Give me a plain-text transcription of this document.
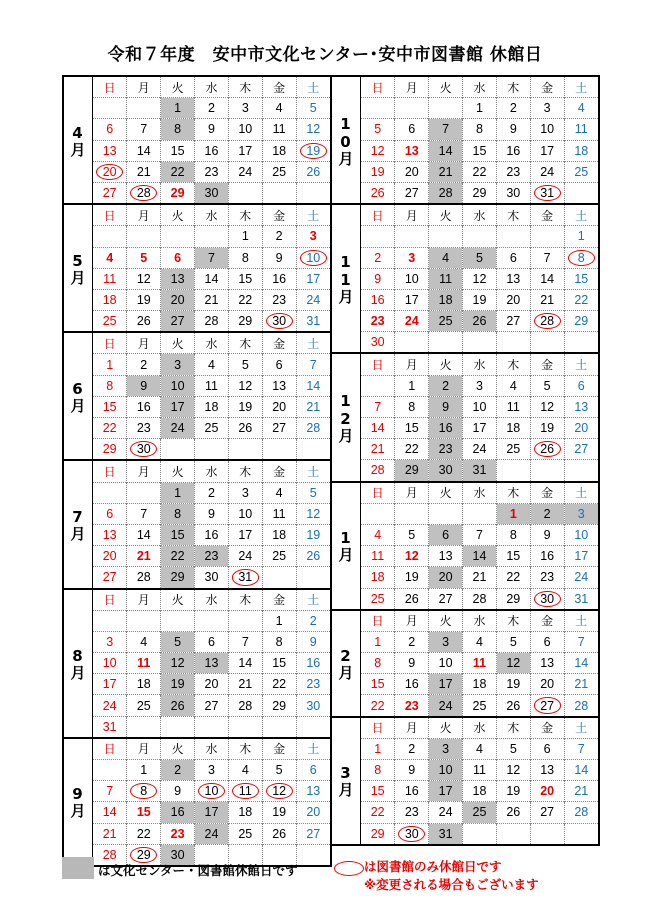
令和７年度　安中市文化センター･安中市図書館 休館日
4月
日	月	火	水	木	金	土
		1	2	3	4	5
6	7	8	9	10	11	12
13	14	15	16	17	18	19
20	21	22	23	24	25	26
27	28	29	30			
5月
日	月	火	水	木	金	土
				1	2	3
4	5	6	7	8	9	10
11	12	13	14	15	16	17
18	19	20	21	22	23	24
25	26	27	28	29	30	31
6月
日	月	火	水	木	金	土
1	2	3	4	5	6	7
8	9	10	11	12	13	14
15	16	17	18	19	20	21
22	23	24	25	26	27	28
29	30					
7月
日	月	火	水	木	金	土
		1	2	3	4	5
6	7	8	9	10	11	12
13	14	15	16	17	18	19
20	21	22	23	24	25	26
27	28	29	30	31		
8月
日	月	火	水	木	金	土
					1	2
3	4	5	6	7	8	9
10	11	12	13	14	15	16
17	18	19	20	21	22	23
24	25	26	27	28	29	30
31						
9月
日	月	火	水	木	金	土
	1	2	3	4	5	6
7	8	9	10	11	12	13
14	15	16	17	18	19	20
21	22	23	24	25	26	27
28	29	30				
10月
日	月	火	水	木	金	土
			1	2	3	4
5	6	7	8	9	10	11
12	13	14	15	16	17	18
19	20	21	22	23	24	25
26	27	28	29	30	31	
11月
日	月	火	水	木	金	土
						1
2	3	4	5	6	7	8
9	10	11	12	13	14	15
16	17	18	19	20	21	22
23	24	25	26	27	28	29
30						
12月
日	月	火	水	木	金	土
	1	2	3	4	5	6
7	8	9	10	11	12	13
14	15	16	17	18	19	20
21	22	23	24	25	26	27
28	29	30	31			
1月
日	月	火	水	木	金	土
				1	2	3
4	5	6	7	8	9	10
11	12	13	14	15	16	17
18	19	20	21	22	23	24
25	26	27	28	29	30	31
2月
日	月	火	水	木	金	土
1	2	3	4	5	6	7
8	9	10	11	12	13	14
15	16	17	18	19	20	21
22	23	24	25	26	27	28
3月
日	月	火	水	木	金	土
1	2	3	4	5	6	7
8	9	10	11	12	13	14
15	16	17	18	19	20	21
22	23	24	25	26	27	28
29	30	31				
は文化センター・図書館休館日です	は図書館のみ休館日です
※変更される場合もございます
